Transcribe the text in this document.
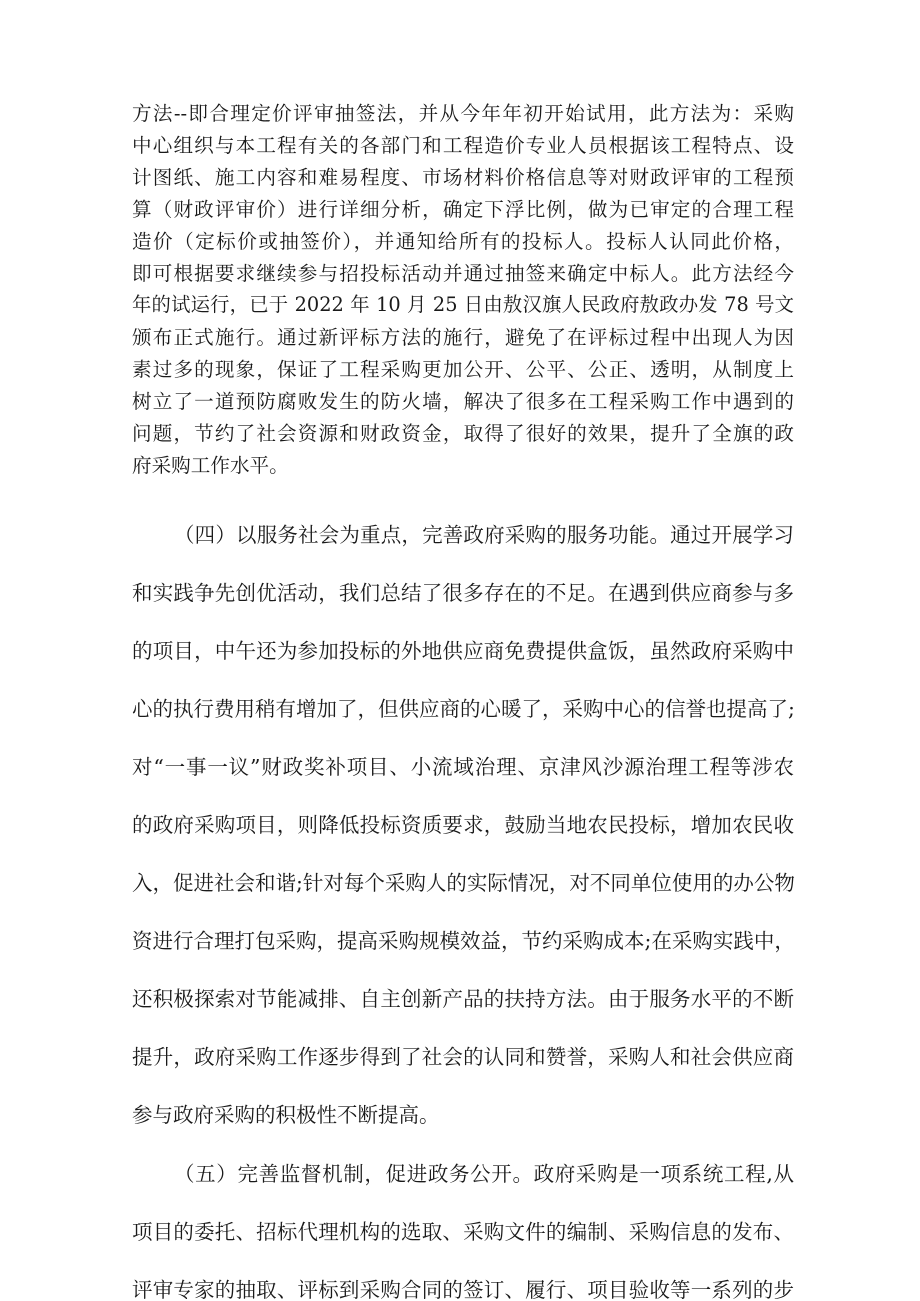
方法--即合理定价评审抽签法，并从今年年初开始试用，此方法为：采购
中心组织与本工程有关的各部门和工程造价专业人员根据该工程特点、设
计图纸、施工内容和难易程度、市场材料价格信息等对财政评审的工程预
算（财政评审价）进行详细分析，确定下浮比例，做为已审定的合理工程
造价（定标价或抽签价），并通知给所有的投标人。投标人认同此价格，
即可根据要求继续参与招投标活动并通过抽签来确定中标人。此方法经今
年的试运行，已于 2022 年 10 月 25 日由敖汉旗人民政府敖政办发 78 号文
颁布正式施行。通过新评标方法的施行，避免了在评标过程中出现人为因
素过多的现象，保证了工程采购更加公开、公平、公正、透明，从制度上
树立了一道预防腐败发生的防火墙，解决了很多在工程采购工作中遇到的
问题，节约了社会资源和财政资金，取得了很好的效果，提升了全旗的政
府采购工作水平。
（四）以服务社会为重点，完善政府采购的服务功能。通过开展学习
和实践争先创优活动，我们总结了很多存在的不足。在遇到供应商参与多
的项目，中午还为参加投标的外地供应商免费提供盒饭，虽然政府采购中
心的执行费用稍有增加了，但供应商的心暖了，采购中心的信誉也提高了;
对“一事一议”财政奖补项目、小流域治理、京津风沙源治理工程等涉农
的政府采购项目，则降低投标资质要求，鼓励当地农民投标，增加农民收
入，促进社会和谐;针对每个采购人的实际情况，对不同单位使用的办公物
资进行合理打包采购，提高采购规模效益，节约采购成本;在采购实践中，
还积极探索对节能减排、自主创新产品的扶持方法。由于服务水平的不断
提升，政府采购工作逐步得到了社会的认同和赞誉，采购人和社会供应商
参与政府采购的积极性不断提高。
（五）完善监督机制，促进政务公开。政府采购是一项系统工程,从
项目的委托、招标代理机构的选取、采购文件的编制、采购信息的发布、
评审专家的抽取、评标到采购合同的签订、履行、项目验收等一系列的步
